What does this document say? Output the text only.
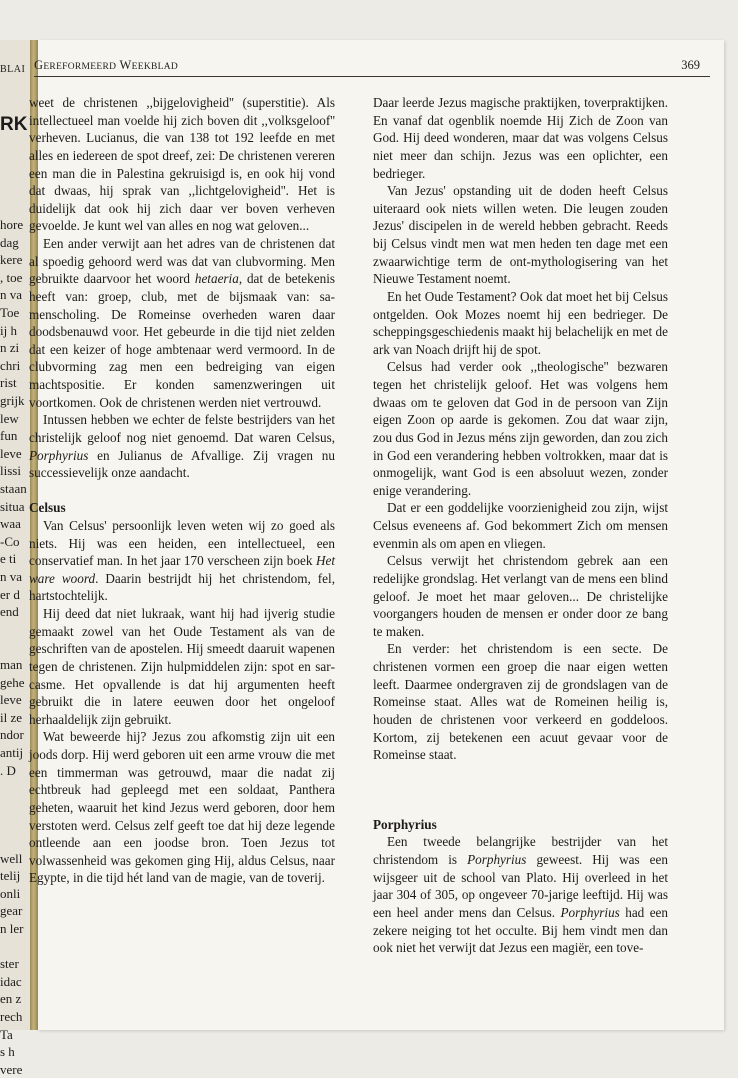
BLAI
RK
hore
dag
kere
, toe
n va
Toe
ij h
n zi
chri
rist
grijk
lew
fun
leve
lissi
staan
situa
waa
-Co
e ti
n va
er d
end
man
gehe
leve
il ze
ndor
antij
. D
well
telij
onli
gear
n ler
ster
idac
en z
rech
Ta
s h
vere
GEREFORMEERD WEEKBLAD	369

weet de christenen ,,bijgelovigheid'' (superstitie). Als intellectueel man voelde hij zich boven dit ,,volksgeloof'' verheven. Lucianus, die van 138 tot 192 leefde en met alles en iedereen de spot dreef, zei: De christenen vereren een man die in Palestina gekruisigd is, en ook hij vond dat dwaas, hij sprak van ,,lichtgelovigheid''. Het is duidelijk dat ook hij zich daar ver boven verheven gevoelde. Je kunt wel van alles en nog wat geloven...

Een ander verwijt aan het adres van de christenen dat al spoedig gehoord werd was dat van clubvorming. Men gebruikte daarvoor het woord hetaeria, dat de betekenis heeft van: groep, club, met de bijsmaak van: samenscholing. De Romeinse overheden waren daar doodsbenauwd voor. Het gebeurde in die tijd niet zelden dat een keizer of hoge ambtenaar werd vermoord. In de clubvorming zag men een bedreiging van eigen machtspositie. Er konden samenzweringen uit voortkomen. Ook de christenen werden niet vertrouwd.

Intussen hebben we echter de felste bestrijders van het christelijk geloof nog niet genoemd. Dat waren Celsus, Porphyrius en Julianus de Afvallige. Zij vragen nu successievelijk onze aandacht.

Celsus

Van Celsus' persoonlijk leven weten wij zo goed als niets. Hij was een heiden, een intellectueel, een conservatief man. In het jaar 170 verscheen zijn boek Het ware woord. Daarin bestrijdt hij het christendom, fel, hartstochtelijk.

Hij deed dat niet lukraak, want hij had ijverig studie gemaakt zowel van het Oude Testament als van de geschriften van de apostelen. Hij smeedt daaruit wapenen tegen de christenen. Zijn hulpmiddelen zijn: spot en sarcasme. Het opvallende is dat hij argumenten heeft gebruikt die in latere eeuwen door het ongeloof herhaaldelijk zijn gebruikt.

Wat beweerde hij? Jezus zou afkomstig zijn uit een joods dorp. Hij werd geboren uit een arme vrouw die met een timmerman was getrouwd, maar die nadat zij echtbreuk had gepleegd met een soldaat, Panthera geheten, waaruit het kind Jezus werd geboren, door hem verstoten werd. Celsus zelf geeft toe dat hij deze legende ontleende aan een joodse bron. Toen Jezus tot volwassenheid was gekomen ging Hij, aldus Celsus, naar Egypte, in die tijd hét land van de magie, van de toverij.

Daar leerde Jezus magische praktijken, toverpraktijken. En vanaf dat ogenblik noemde Hij Zich de Zoon van God. Hij deed wonderen, maar dat was volgens Celsus niet meer dan schijn. Jezus was een oplichter, een bedrieger.

Van Jezus' opstanding uit de doden heeft Celsus uiteraard ook niets willen weten. Die leugen zouden Jezus' discipelen in de wereld hebben gebracht. Reeds bij Celsus vindt men wat men heden ten dage met een zwaarwichtige term de ont-mythologisering van het Nieuwe Testament noemt.

En het Oude Testament? Ook dat moet het bij Celsus ontgelden. Ook Mozes noemt hij een bedrieger. De scheppingsgeschiedenis maakt hij belachelijk en met de ark van Noach drijft hij de spot.

Celsus had verder ook ,,theologische'' bezwaren tegen het christelijk geloof. Het was volgens hem dwaas om te geloven dat God in de persoon van Zijn eigen Zoon op aarde is gekomen. Zou dat waar zijn, zou dus God in Jezus méns zijn geworden, dan zou zich in God een verandering hebben voltrokken, maar dat is onmogelijk, want God is een absoluut wezen, zonder enige verandering.

Dat er een goddelijke voorzienigheid zou zijn, wijst Celsus eveneens af. God bekommert Zich om mensen evenmin als om apen en vliegen.

Celsus verwijt het christendom gebrek aan een redelijke grondslag. Het verlangt van de mens een blind geloof. Je moet het maar geloven... De christelijke voorgangers houden de mensen er onder door ze bang te maken.

En verder: het christendom is een secte. De christenen vormen een groep die naar eigen wetten leeft. Daarmee ondergraven zij de grondslagen van de Romeinse staat. Alles wat de Romeinen heilig is, houden de christenen voor verkeerd en goddeloos. Kortom, zij betekenen een acuut gevaar voor de Romeinse staat.

Porphyrius

Een tweede belangrijke bestrijder van het christendom is Porphyrius geweest. Hij was een wijsgeer uit de school van Plato. Hij overleed in het jaar 304 of 305, op ongeveer 70-jarige leeftijd. Hij was een heel ander mens dan Celsus. Porphyrius had een zekere neiging tot het occulte. Bij hem vindt men dan ook niet het verwijt dat Jezus een magiër, een tove-
